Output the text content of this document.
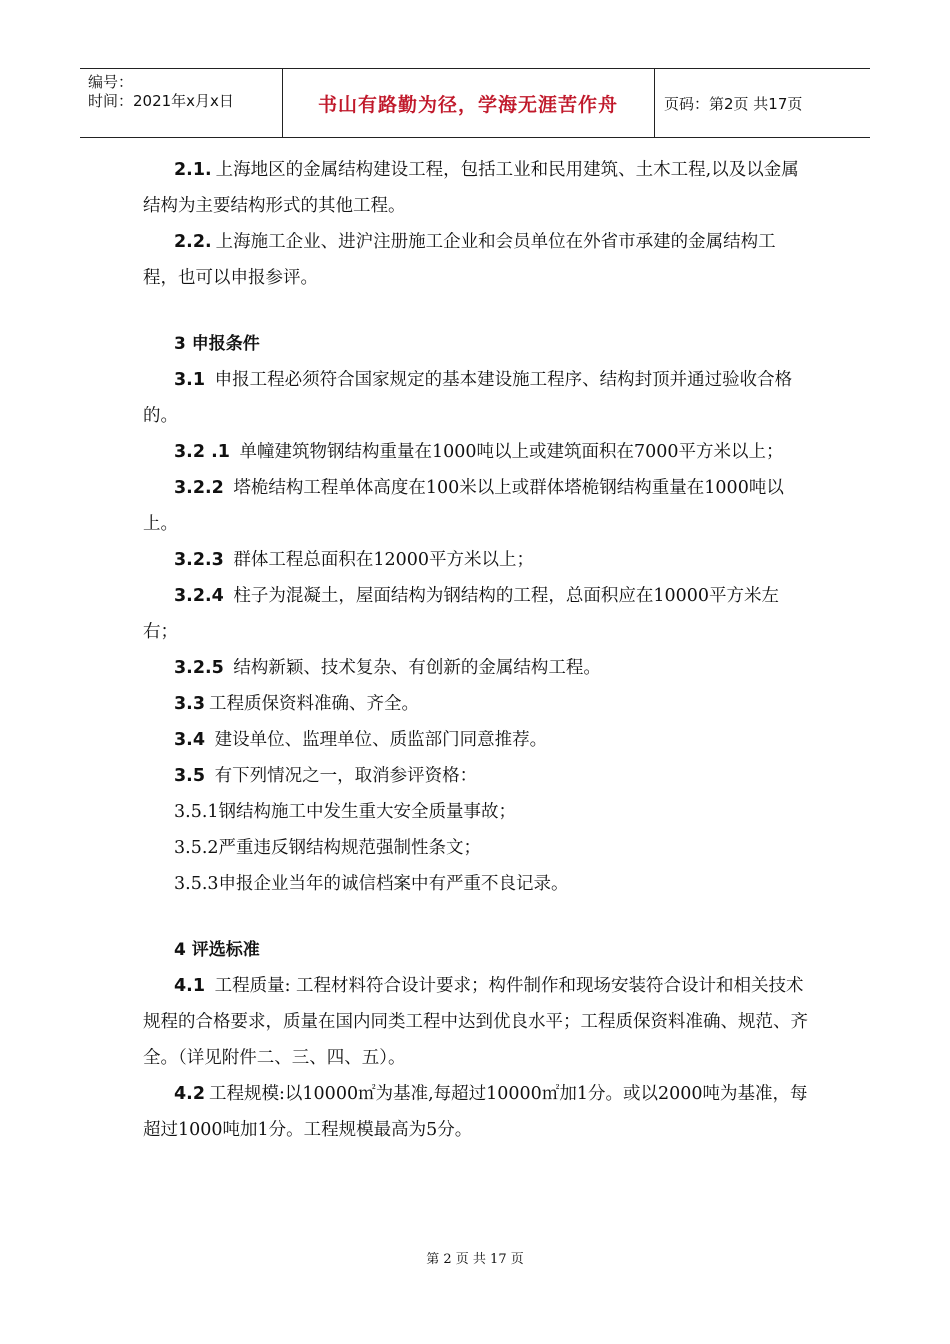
编号：
时间：2021年x月x日	书山有路勤为径，学海无涯苦作舟	页码：第2页 共17页

2.1. 上海地区的金属结构建设工程，包括工业和民用建筑、土木工程,以及以金属结构为主要结构形式的其他工程。

2.2. 上海施工企业、进沪注册施工企业和会员单位在外省市承建的金属结构工程，也可以申报参评。

3 申报条件

3.1 申报工程必须符合国家规定的基本建设施工程序、结构封顶并通过验收合格的。

3.2 .1 单幢建筑物钢结构重量在1000吨以上或建筑面积在7000平方米以上；

3.2.2 塔桅结构工程单体高度在100米以上或群体塔桅钢结构重量在1000吨以上。

3.2.3 群体工程总面积在12000平方米以上；

3.2.4 柱子为混凝土，屋面结构为钢结构的工程，总面积应在10000平方米左右；

3.2.5 结构新颖、技术复杂、有创新的金属结构工程。

3.3 工程质保资料准确、齐全。

3.4 建设单位、监理单位、质监部门同意推荐。

3.5 有下列情况之一，取消参评资格：

3.5.1钢结构施工中发生重大安全质量事故；

3.5.2严重违反钢结构规范强制性条文；

3.5.3申报企业当年的诚信档案中有严重不良记录。

4 评选标准

4.1 工程质量: 工程材料符合设计要求；构件制作和现场安装符合设计和相关技术规程的合格要求，质量在国内同类工程中达到优良水平；工程质保资料准确、规范、齐全。（详见附件二、三、四、五）。

4.2 工程规模:以10000㎡为基准,每超过10000㎡加1分。或以2000吨为基准，每超过1000吨加1分。工程规模最高为5分。

第 2 页 共 17 页
